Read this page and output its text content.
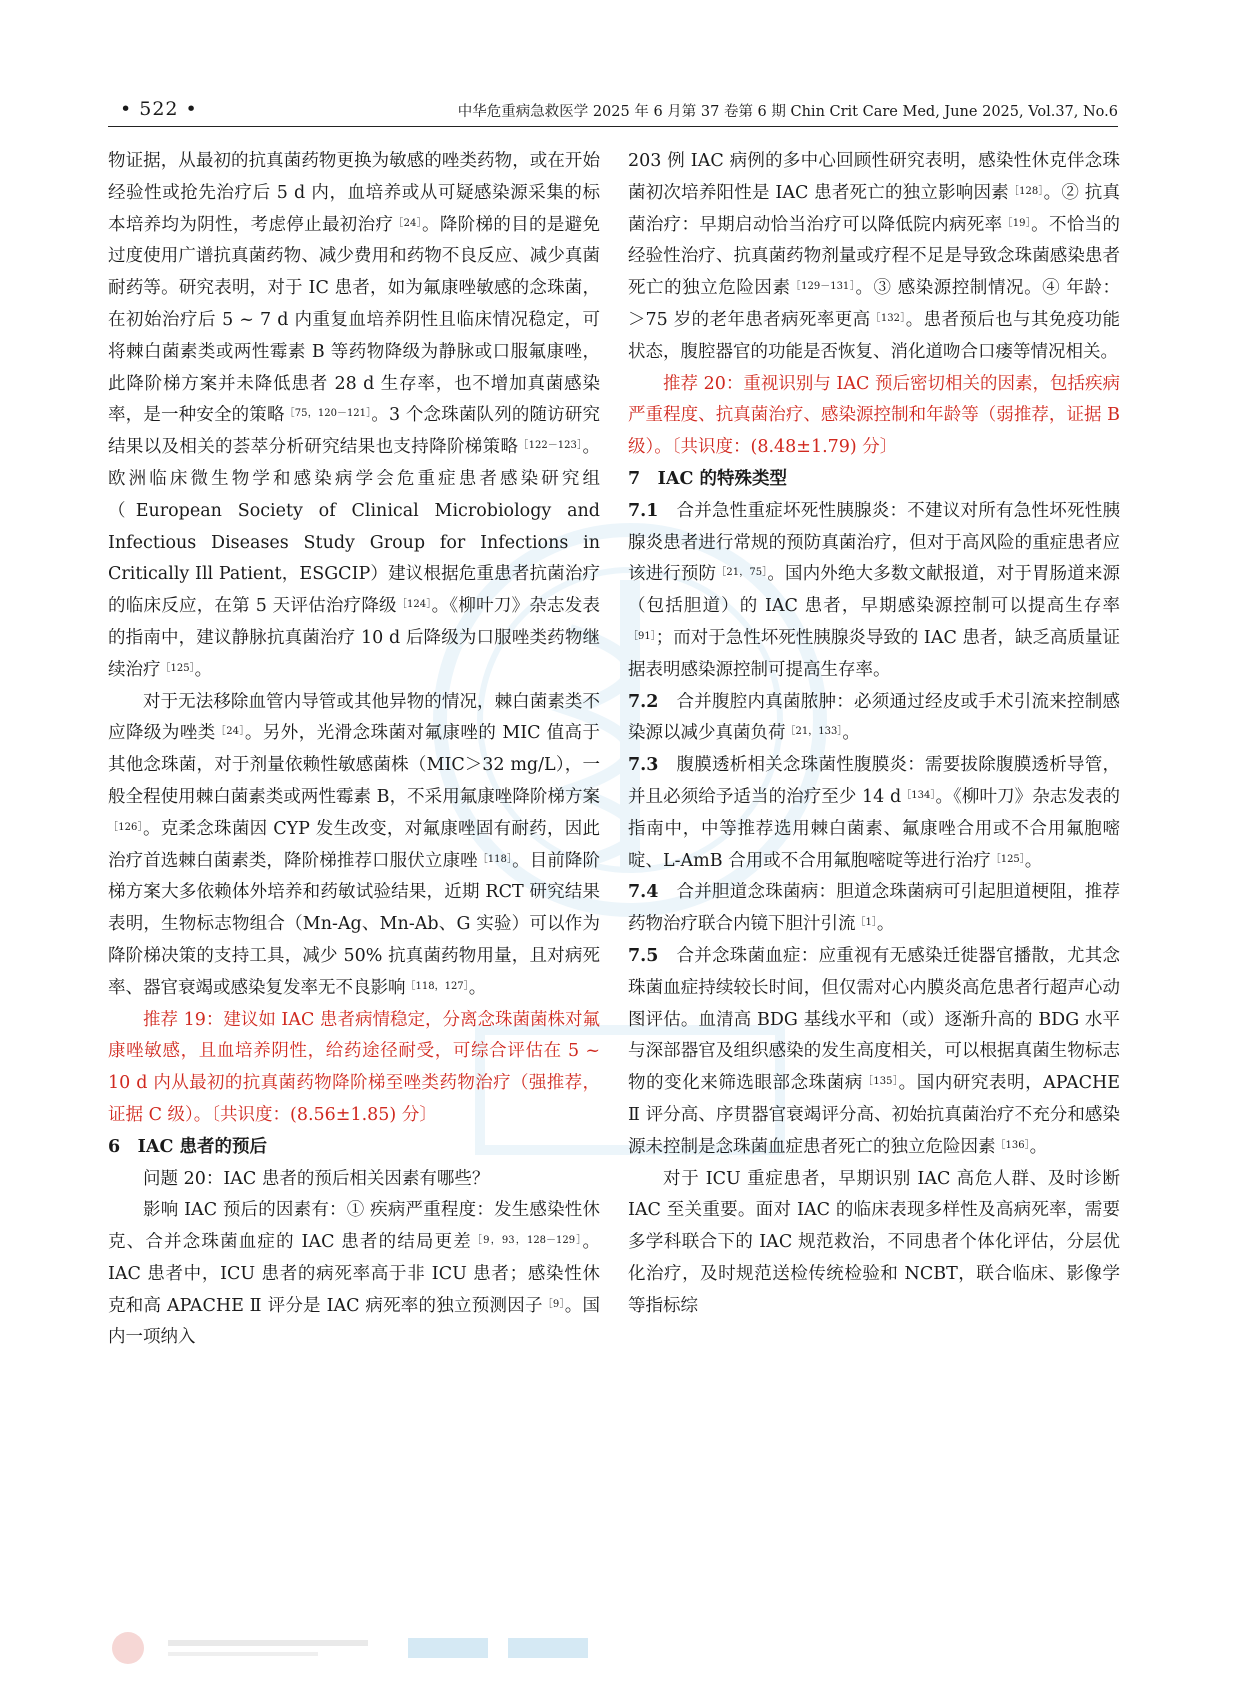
• 522 •	中华危重病急救医学 2025 年 6 月第 37 卷第 6 期 Chin Crit Care Med, June 2025, Vol.37, No.6

物证据，从最初的抗真菌药物更换为敏感的唑类药物，或在开始经验性或抢先治疗后 5 d 内，血培养或从可疑感染源采集的标本培养均为阴性，考虑停止最初治疗$^{[24]}$。降阶梯的目的是避免过度使用广谱抗真菌药物、减少费用和药物不良反应、减少真菌耐药等。研究表明，对于 IC 患者，如为氟康唑敏感的念珠菌，在初始治疗后 5 ~ 7 d 内重复血培养阴性且临床情况稳定，可将棘白菌素类或两性霉素 B 等药物降级为静脉或口服氟康唑，此降阶梯方案并未降低患者 28 d 生存率，也不增加真菌感染率，是一种安全的策略$^{[75,120-121]}$。3 个念珠菌队列的随访研究结果以及相关的荟萃分析研究结果也支持降阶梯策略$^{[122-123]}$。欧洲临床微生物学和感染病学会危重症患者感染研究组（European Society of Clinical Microbiology and Infectious Diseases Study Group for Infections in Critically Ill Patient，ESGCIP）建议根据危重患者抗菌治疗的临床反应，在第 5 天评估治疗降级$^{[124]}$。《柳叶刀》杂志发表的指南中，建议静脉抗真菌治疗 10 d 后降级为口服唑类药物继续治疗$^{[125]}$。

对于无法移除血管内导管或其他异物的情况，棘白菌素类不应降级为唑类$^{[24]}$。另外，光滑念珠菌对氟康唑的 MIC 值高于其他念珠菌，对于剂量依赖性敏感菌株（MIC＞32 mg/L），一般全程使用棘白菌素类或两性霉素 B，不采用氟康唑降阶梯方案$^{[126]}$。克柔念珠菌因 CYP 发生改变，对氟康唑固有耐药，因此治疗首选棘白菌素类，降阶梯推荐口服伏立康唑$^{[118]}$。目前降阶梯方案大多依赖体外培养和药敏试验结果，近期 RCT 研究结果表明，生物标志物组合（Mn-Ag、Mn-Ab、G 实验）可以作为降阶梯决策的支持工具，减少 50% 抗真菌药物用量，且对病死率、器官衰竭或感染复发率无不良影响$^{[118,127]}$。

推荐 19：建议如 IAC 患者病情稳定，分离念珠菌菌株对氟康唑敏感，且血培养阴性，给药途径耐受，可综合评估在 5 ~ 10 d 内从最初的抗真菌药物降阶梯至唑类药物治疗（强推荐，证据 C 级）。〔共识度：(8.56±1.85) 分〕

6　IAC 患者的预后

问题 20：IAC 患者的预后相关因素有哪些？

影响 IAC 预后的因素有：① 疾病严重程度：发生感染性休克、合并念珠菌血症的 IAC 患者的结局更差$^{[9,93,128-129]}$。IAC 患者中，ICU 患者的病死率高于非 ICU 患者；感染性休克和高 APACHE Ⅱ 评分是 IAC 病死率的独立预测因子$^{[9]}$。国内一项纳入

203 例 IAC 病例的多中心回顾性研究表明，感染性休克伴念珠菌初次培养阳性是 IAC 患者死亡的独立影响因素$^{[128]}$。② 抗真菌治疗：早期启动恰当治疗可以降低院内病死率$^{[19]}$。不恰当的经验性治疗、抗真菌药物剂量或疗程不足是导致念珠菌感染患者死亡的独立危险因素$^{[129-131]}$。③ 感染源控制情况。④ 年龄：＞75 岁的老年患者病死率更高$^{[132]}$。患者预后也与其免疫功能状态，腹腔器官的功能是否恢复、消化道吻合口瘘等情况相关。

推荐 20：重视识别与 IAC 预后密切相关的因素，包括疾病严重程度、抗真菌治疗、感染源控制和年龄等（弱推荐，证据 B 级）。〔共识度：(8.48±1.79) 分〕

7　IAC 的特殊类型

7.1　合并急性重症坏死性胰腺炎：不建议对所有急性坏死性胰腺炎患者进行常规的预防真菌治疗，但对于高风险的重症患者应该进行预防$^{[21,75]}$。国内外绝大多数文献报道，对于胃肠道来源（包括胆道）的 IAC 患者，早期感染源控制可以提高生存率$^{[91]}$；而对于急性坏死性胰腺炎导致的 IAC 患者，缺乏高质量证据表明感染源控制可提高生存率。

7.2　合并腹腔内真菌脓肿：必须通过经皮或手术引流来控制感染源以减少真菌负荷$^{[21,133]}$。

7.3　腹膜透析相关念珠菌性腹膜炎：需要拔除腹膜透析导管，并且必须给予适当的治疗至少 14 $d^{[134]}$。《柳叶刀》杂志发表的指南中，中等推荐选用棘白菌素、氟康唑合用或不合用氟胞嘧啶、L-AmB 合用或不合用氟胞嘧啶等进行治疗$^{[125]}$。

7.4　合并胆道念珠菌病：胆道念珠菌病可引起胆道梗阻，推荐药物治疗联合内镜下胆汁引流$^{[1]}$。

7.5　合并念珠菌血症：应重视有无感染迁徙器官播散，尤其念珠菌血症持续较长时间，但仅需对心内膜炎高危患者行超声心动图评估。血清高 BDG 基线水平和（或）逐渐升高的 BDG 水平与深部器官及组织感染的发生高度相关，可以根据真菌生物标志物的变化来筛选眼部念珠菌病$^{[135]}$。国内研究表明，APACHE Ⅱ 评分高、序贯器官衰竭评分高、初始抗真菌治疗不充分和感染源未控制是念珠菌血症患者死亡的独立危险因素$^{[136]}$。

对于 ICU 重症患者，早期识别 IAC 高危人群、及时诊断 IAC 至关重要。面对 IAC 的临床表现多样性及高病死率，需要多学科联合下的 IAC 规范救治，不同患者个体化评估，分层优化治疗，及时规范送检传统检验和 NCBT，联合临床、影像学等指标综
